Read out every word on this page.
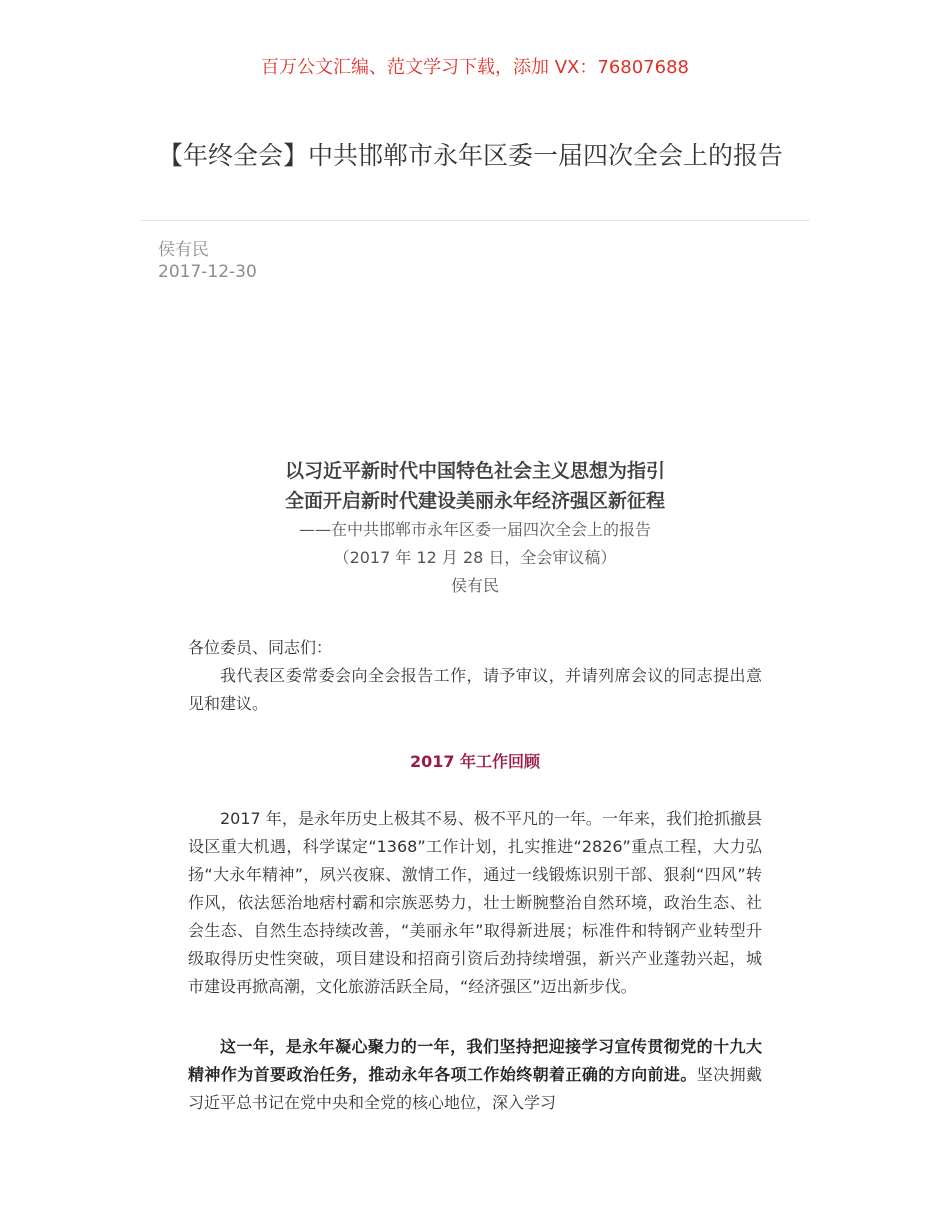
百万公文汇编、范文学习下载，添加 VX：76807688
【年终全会】中共邯郸市永年区委一届四次全会上的报告
侯有民
2017-12-30
以习近平新时代中国特色社会主义思想为指引
全面开启新时代建设美丽永年经济强区新征程
——在中共邯郸市永年区委一届四次全会上的报告
（2017 年 12 月 28 日，全会审议稿）
侯有民

各位委员、同志们：

我代表区委常委会向全会报告工作，请予审议，并请列席会议的同志提出意见和建议。

2017 年工作回顾

2017 年，是永年历史上极其不易、极不平凡的一年。一年来，我们抢抓撤县设区重大机遇，科学谋定“1368”工作计划，扎实推进“2826”重点工程，大力弘扬“大永年精神”，夙兴夜寐、激情工作，通过一线锻炼识别干部、狠刹“四风”转作风，依法惩治地痞村霸和宗族恶势力，壮士断腕整治自然环境，政治生态、社会生态、自然生态持续改善，“美丽永年”取得新进展；标准件和特钢产业转型升级取得历史性突破，项目建设和招商引资后劲持续增强，新兴产业蓬勃兴起，城市建设再掀高潮，文化旅游活跃全局，“经济强区”迈出新步伐。

这一年，是永年凝心聚力的一年，我们坚持把迎接学习宣传贯彻党的十九大精神作为首要政治任务，推动永年各项工作始终朝着正确的方向前进。坚决拥戴习近平总书记在党中央和全党的核心地位，深入学习
